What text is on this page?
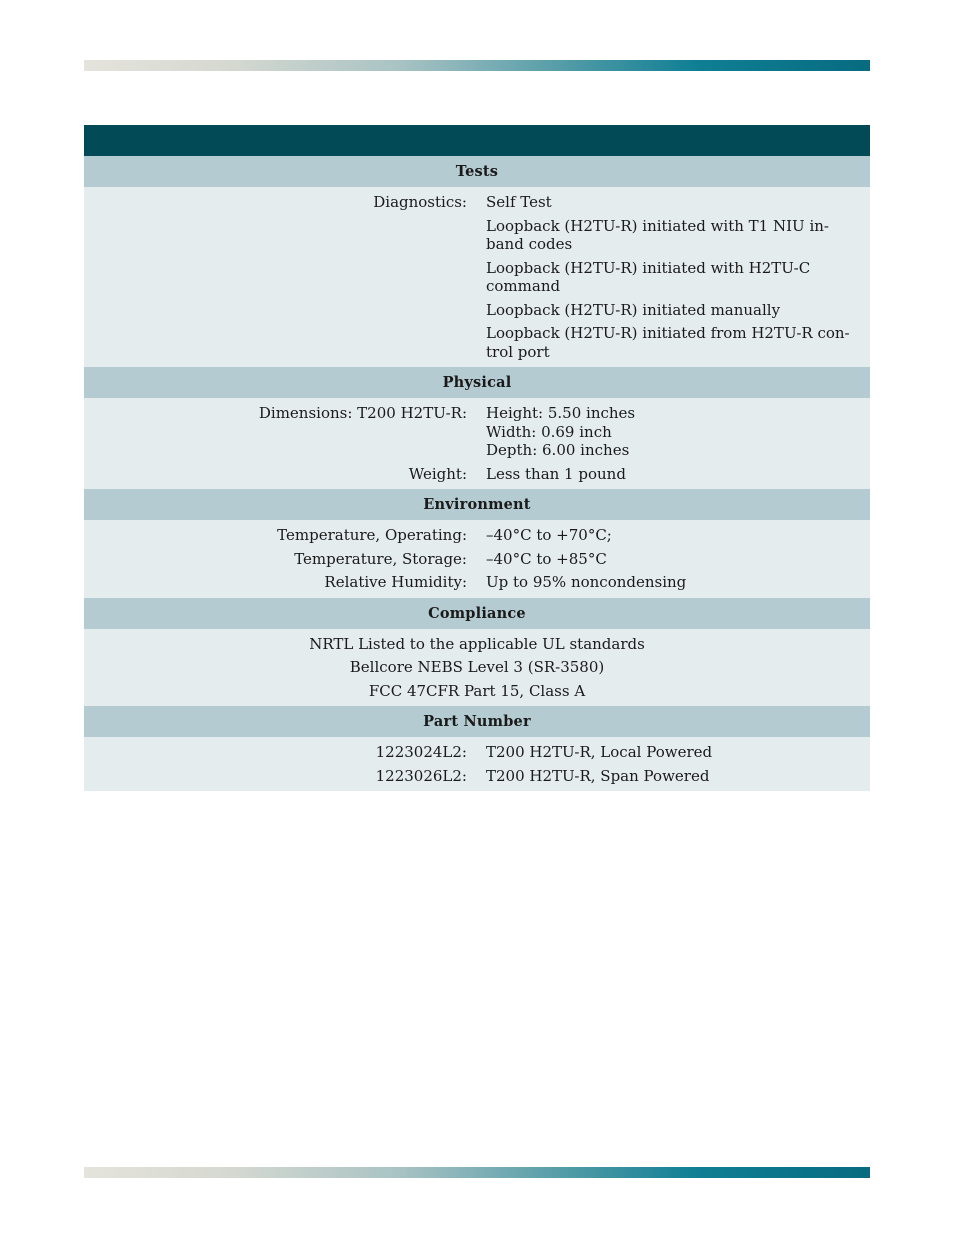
Tests
Diagnostics: Self Test
Loopback (H2TU-R) initiated with T1 NIU in-
band codes
Loopback (H2TU-R) initiated with H2TU-C
command
Loopback (H2TU-R) initiated manually
Loopback (H2TU-R) initiated from H2TU-R con-
trol port
Physical
Dimensions: T200 H2TU-R: Height: 5.50 inches
Width: 0.69 inch
Depth: 6.00 inches
Weight: Less than 1 pound
Environment
Temperature, Operating: –40°C to +70°C;
Temperature, Storage: –40°C to +85°C
Relative Humidity: Up to 95% noncondensing
Compliance
NRTL Listed to the applicable UL standards
Bellcore NEBS Level 3 (SR-3580)
FCC 47CFR Part 15, Class A
Part Number
1223024L2: T200 H2TU-R, Local Powered
1223026L2: T200 H2TU-R, Span Powered
